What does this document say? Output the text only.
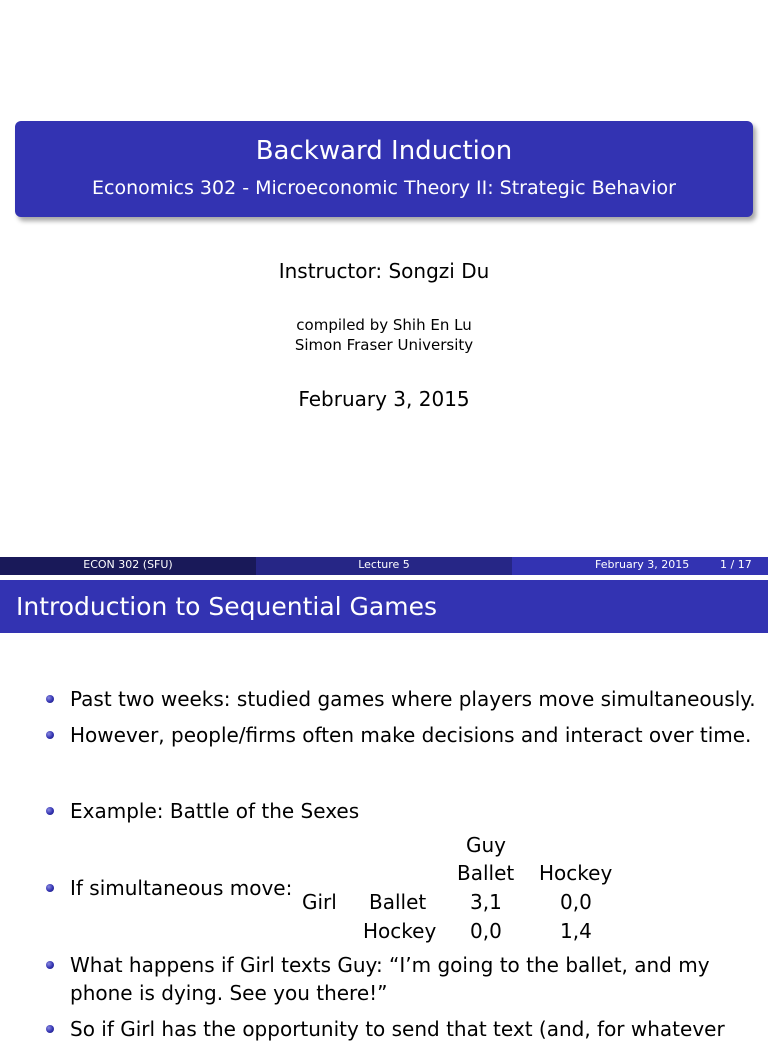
Backward Induction
Economics 302 - Microeconomic Theory II: Strategic Behavior
Instructor: Songzi Du
compiled by Shih En Lu
Simon Fraser University
February 3, 2015
ECON 302 (SFU)	Lecture 5	February 3, 2015	1 / 17
Introduction to Sequential Games
Past two weeks: studied games where players move simultaneously.
However, people/firms often make decisions and interact over time.
Example: Battle of the Sexes
If simultaneous move:
Guy
Ballet Hockey
Girl Ballet 3,1	0,0
Hockey 0,0	1,4
What happens if Girl texts Guy: “I’m going to the ballet, and my
phone is dying. See you there!”
So if Girl has the opportunity to send that text (and, for whatever
